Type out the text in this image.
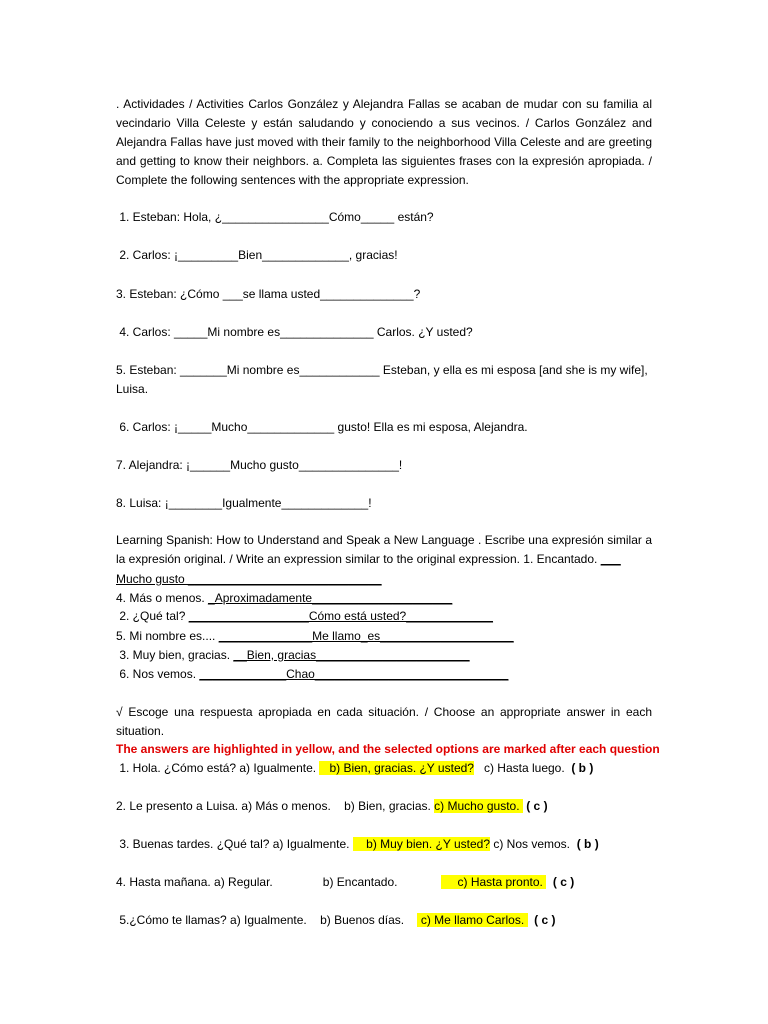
. Actividades / Activities Carlos González y Alejandra Fallas se acaban de mudar con su familia al vecindario Villa Celeste y están saludando y conociendo a sus vecinos. / Carlos González and Alejandra Fallas have just moved with their family to the neighborhood Villa Celeste and are greeting and getting to know their neighbors. a. Completa las siguientes frases con la expresión apropiada. / Complete the following sentences with the appropriate expression.
1. Esteban: Hola, ¿________________Cómo_____ están?
2. Carlos: ¡_________Bien_____________, gracias!
3. Esteban: ¿Cómo ___se llama usted______________?
4. Carlos: _____Mi nombre es______________ Carlos. ¿Y usted?
5. Esteban: _______Mi nombre es____________ Esteban, y ella es mi esposa [and she is my wife],
Luisa.
6. Carlos: ¡_____Mucho_____________ gusto! Ella es mi esposa, Alejandra.
7. Alejandra: ¡______Mucho gusto_______________!
8. Luisa: ¡________Igualmente_____________!
Learning Spanish: How to Understand and Speak a New Language . Escribe una expresión similar a la expresión original. / Write an expression similar to the original expression. 1. Encantado. ___
Mucho gusto _____________________________
4. Más o menos. _Aproximadamente_____________________
2. ¿Qué tal? __________________Cómo está usted?_____________
5. Mi nombre es.... ______________Me llamo_es____________________
3. Muy bien, gracias. __Bien, gracias_______________________
6. Nos vemos. _____________Chao_____________________________
√ Escoge una respuesta apropiada en cada situación. / Choose an appropriate answer in each situation.
The answers are highlighted in yellow, and the selected options are marked after each question
1. Hola. ¿Cómo está? a) Igualmente.    b) Bien, gracias. ¿Y usted?   c) Hasta luego.  ( b )
2. Le presento a Luisa. a) Más o menos.    b) Bien, gracias. c) Mucho gusto.  ( c )
3. Buenas tardes. ¿Qué tal? a) Igualmente.     b) Muy bien. ¿Y usted? c) Nos vemos.  ( b )
4. Hasta mañana. a) Regular.               b) Encantado.                  c) Hasta pronto.   ( c )
5.¿Cómo te llamas? a) Igualmente.    b) Buenos días.     c) Me llamo Carlos.   ( c )
